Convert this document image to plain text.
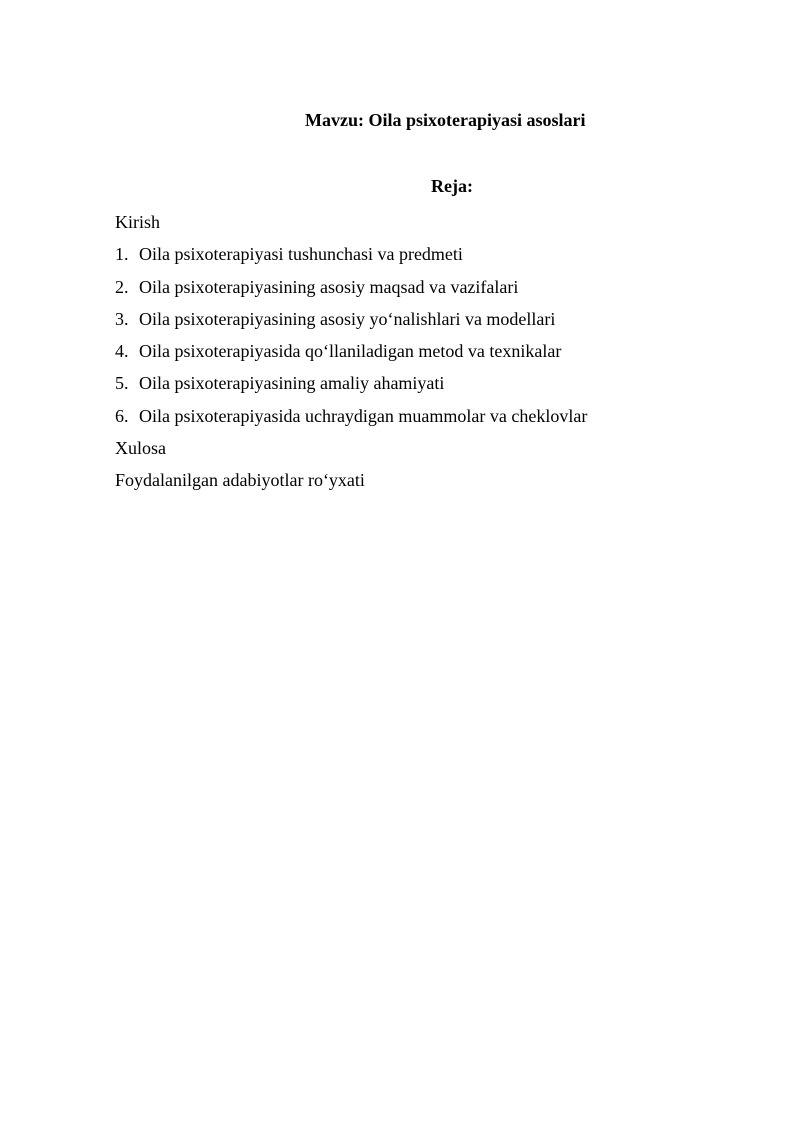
Mavzu: Oila psixoterapiyasi asoslari
Reja:
Kirish
1. Oila psixoterapiyasi tushunchasi va predmeti
2. Oila psixoterapiyasining asosiy maqsad va vazifalari
3. Oila psixoterapiyasining asosiy yo‘nalishlari va modellari
4. Oila psixoterapiyasida qo‘llaniladigan metod va texnikalar
5. Oila psixoterapiyasining amaliy ahamiyati
6. Oila psixoterapiyasida uchraydigan muammolar va cheklovlar
Xulosa
Foydalanilgan adabiyotlar ro‘yxati
